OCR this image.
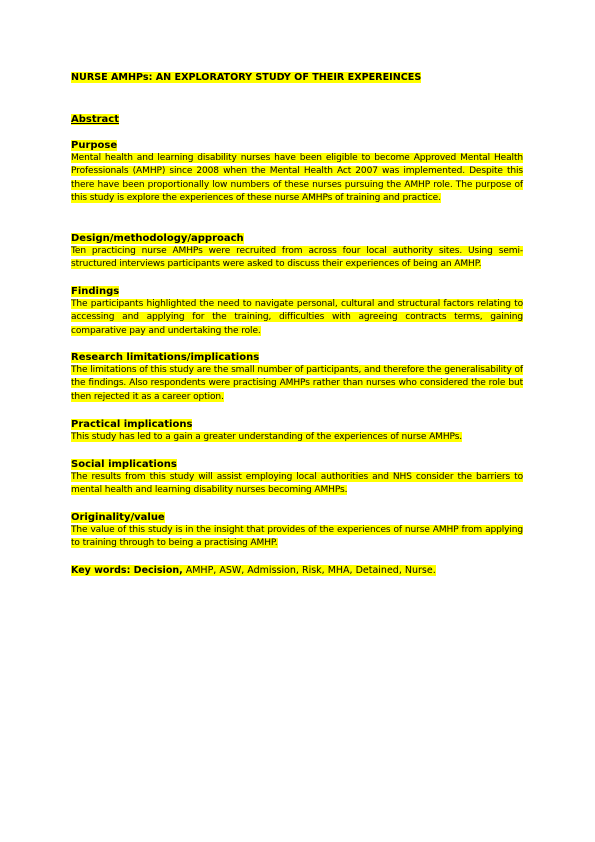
NURSE AMHPs: AN EXPLORATORY STUDY OF THEIR EXPEREINCES
Abstract

Purpose

Mental health and learning disability nurses have been eligible to become Approved Mental Health Professionals (AMHP) since 2008 when the Mental Health Act 2007 was implemented. Despite this there have been proportionally low numbers of these nurses pursuing the AMHP role. The purpose of this study is explore the experiences of these nurse AMHPs of training and practice.

Design/methodology/approach

Ten practicing nurse AMHPs were recruited from across four local authority sites. Using semi-structured interviews participants were asked to discuss their experiences of being an AMHP.

Findings

The participants highlighted the need to navigate personal, cultural and structural factors relating to accessing and applying for the training, difficulties with agreeing contracts terms, gaining comparative pay and undertaking the role.

Research limitations/implications

The limitations of this study are the small number of participants, and therefore the generalisability of the findings. Also respondents were practising AMHPs rather than nurses who considered the role but then rejected it as a career option.

Practical implications

This study has led to a gain a greater understanding of the experiences of nurse AMHPs.

Social implications

The results from this study will assist employing local authorities and NHS consider the barriers to mental health and learning disability nurses becoming AMHPs.

Originality/value

The value of this study is in the insight that provides of the experiences of nurse AMHP from applying to training through to being a practising AMHP.

Key words: Decision, AMHP, ASW, Admission, Risk, MHA, Detained, Nurse.
